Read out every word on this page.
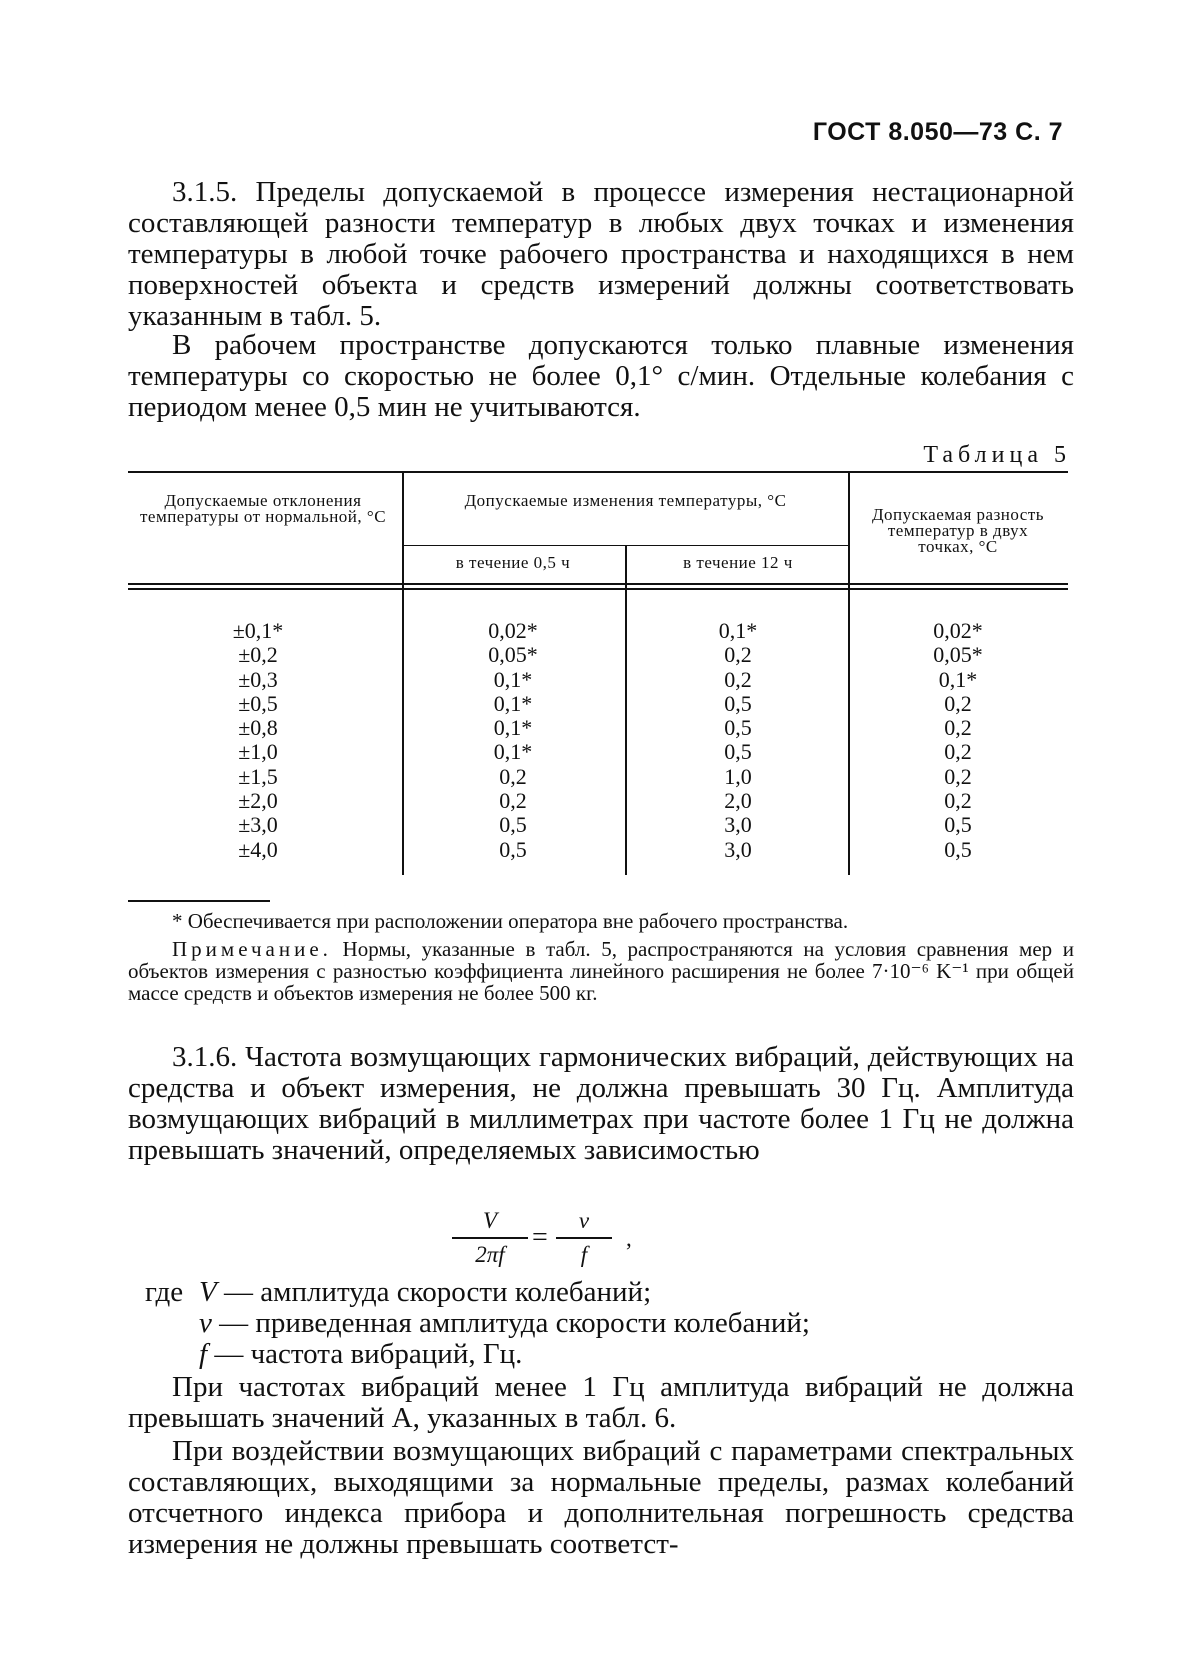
ГОСТ 8.050—73 С. 7

3.1.5. Пределы допускаемой в процессе измерения нестационарной составляющей разности температур в любых двух точках и изменения температуры в любой точке рабочего пространства и находящихся в нем поверхностей объекта и средств измерений должны соответствовать указанным в табл. 5.

В рабочем пространстве допускаются только плавные изменения температуры со скоростью не более 0,1° с/мин. Отдельные колебания с периодом менее 0,5 мин не учитываются.

Таблица 5
Допускаемые отклонения температуры от нормальной, °С
Допускаемые изменения температуры, °С
в течение 0,5 ч	в течение 12 ч
Допускаемая разность температур в двух точках, °С
±0,1*
±0,2
±0,3
±0,5
±0,8
±1,0
±1,5
±2,0
±3,0
±4,0
0,02*
0,05*
0,1*
0,1*
0,1*
0,1*
0,2
0,2
0,5
0,5
0,1*
0,2
0,2
0,5
0,5
0,5
1,0
2,0
3,0
3,0
0,02*
0,05*
0,1*
0,2
0,2
0,2
0,2
0,2
0,5
0,5
* Обеспечивается при расположении оператора вне рабочего пространства.
Примечание. Нормы, указанные в табл. 5, распространяются на условия сравнения мер и объектов измерения с разностью коэффициента линейного расширения не более 7·10⁻⁶ K⁻¹ при общей массе средств и объектов измерения не более 500 кг.

3.1.6. Частота возмущающих гармонических вибраций, действующих на средства и объект измерения, не должна превышать 30 Гц. Амплитуда возмущающих вибраций в миллиметрах при частоте более 1 Гц не должна превышать значений, определяемых зависимостью

$\frac{V}{2\pi f} = \frac{v}{f}$ ,
где V — амплитуда скорости колебаний;
v — приведенная амплитуда скорости колебаний;
f — частота вибраций, Гц.

При частотах вибраций менее 1 Гц амплитуда вибраций не должна превышать значений A, указанных в табл. 6.

При воздействии возмущающих вибраций с параметрами спектральных составляющих, выходящими за нормальные пределы, размах колебаний отсчетного индекса прибора и дополнительная погрешность средства измерения не должны превышать соответст-
